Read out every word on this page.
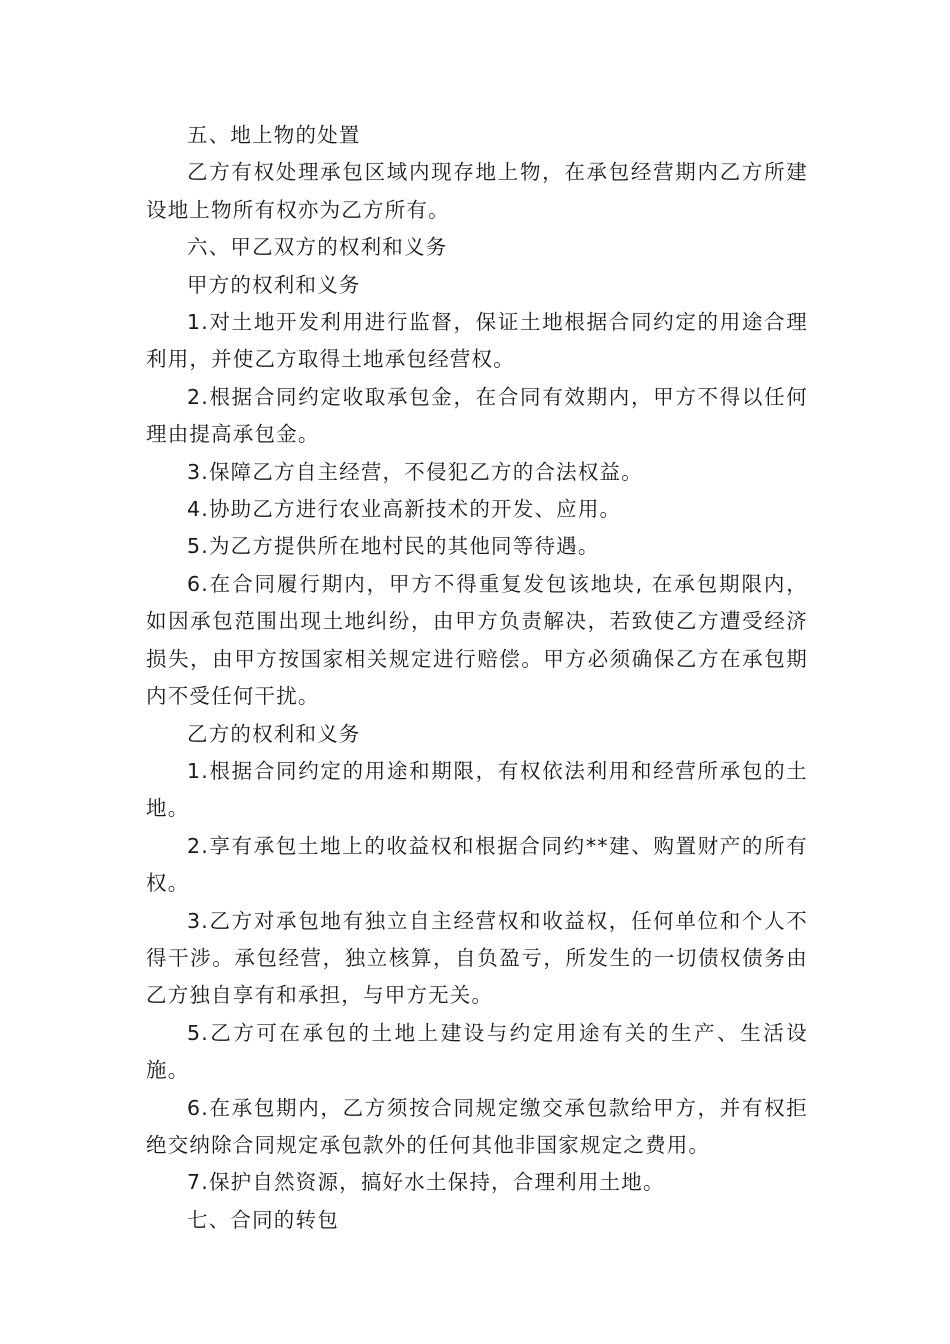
五、地上物的处置

乙方有权处理承包区域内现存地上物，在承包经营期内乙方所建设地上物所有权亦为乙方所有。

六、甲乙双方的权利和义务

甲方的权利和义务

1.对土地开发利用进行监督，保证土地根据合同约定的用途合理利用，并使乙方取得土地承包经营权。

2.根据合同约定收取承包金，在合同有效期内，甲方不得以任何理由提高承包金。

3.保障乙方自主经营，不侵犯乙方的合法权益。

4.协助乙方进行农业高新技术的开发、应用。

5.为乙方提供所在地村民的其他同等待遇。

6.在合同履行期内，甲方不得重复发包该地块, 在承包期限内，如因承包范围出现土地纠纷，由甲方负责解决，若致使乙方遭受经济损失，由甲方按国家相关规定进行赔偿。甲方必须确保乙方在承包期内不受任何干扰。

乙方的权利和义务

1.根据合同约定的用途和期限，有权依法利用和经营所承包的土地。

2.享有承包土地上的收益权和根据合同约**建、购置财产的所有权。

3.乙方对承包地有独立自主经营权和收益权，任何单位和个人不得干涉。承包经营，独立核算，自负盈亏，所发生的一切债权债务由乙方独自享有和承担，与甲方无关。

5.乙方可在承包的土地上建设与约定用途有关的生产、生活设施。

6.在承包期内，乙方须按合同规定缴交承包款给甲方，并有权拒绝交纳除合同规定承包款外的任何其他非国家规定之费用。

7.保护自然资源，搞好水土保持，合理利用土地。

七、合同的转包
